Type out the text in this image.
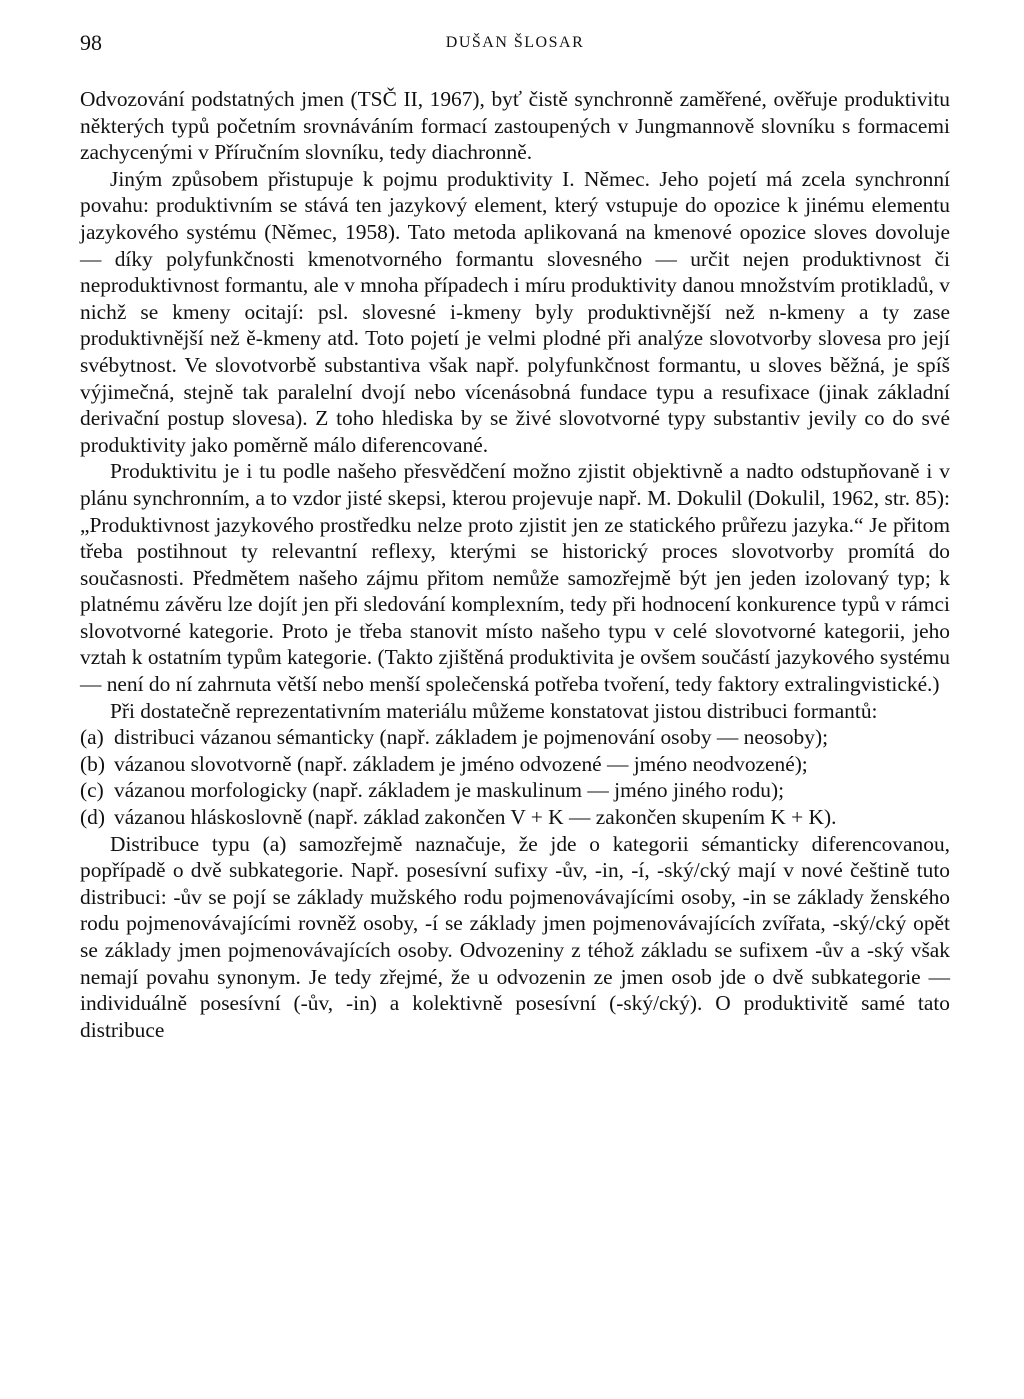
98	DUŠAN ŠLOSAR

Odvozování podstatných jmen (TSČ II, 1967), byť čistě synchronně zaměřené, ověřuje produktivitu některých typů početním srovnáváním formací zastoupených v Jungmannově slovníku s formacemi zachycenými v Příručním slovníku, tedy diachronně.

Jiným způsobem přistupuje k pojmu produktivity I. Němec. Jeho pojetí má zcela synchronní povahu: produktivním se stává ten jazykový element, který vstupuje do opozice k jinému elementu jazykového systému (Němec, 1958). Tato metoda aplikovaná na kmenové opozice sloves dovoluje — díky polyfunkčnosti kmenotvorného formantu slovesného — určit nejen produktivnost či neproduktivnost formantu, ale v mnoha případech i míru produktivity danou množstvím protikladů, v nichž se kmeny ocitají: psl. slovesné i-kmeny byly produktivnější než n-kmeny a ty zase produktivnější než ě-kmeny atd. Toto pojetí je velmi plodné při analýze slovotvorby slovesa pro její svébytnost. Ve slovotvorbě substantiva však např. polyfunkčnost formantu, u sloves běžná, je spíš výjimečná, stejně tak paralelní dvojí nebo vícenásobná fundace typu a resufixace (jinak základní derivační postup slovesa). Z toho hlediska by se živé slovotvorné typy substantiv jevily co do své produktivity jako poměrně málo diferencované.

Produktivitu je i tu podle našeho přesvědčení možno zjistit objektivně a nadto odstupňovaně i v plánu synchronním, a to vzdor jisté skepsi, kterou projevuje např. M. Dokulil (Dokulil, 1962, str. 85): „Produktivnost jazykového prostředku nelze proto zjistit jen ze statického průřezu jazyka.“ Je přitom třeba postihnout ty relevantní reflexy, kterými se historický proces slovotvorby promítá do současnosti. Předmětem našeho zájmu přitom nemůže samozřejmě být jen jeden izolovaný typ; k platnému závěru lze dojít jen při sledování komplexním, tedy při hodnocení konkurence typů v rámci slovotvorné kategorie. Proto je třeba stanovit místo našeho typu v celé slovotvorné kategorii, jeho vztah k ostatním typům kategorie. (Takto zjištěná produktivita je ovšem součástí jazykového systému — není do ní zahrnuta větší nebo menší společenská potřeba tvoření, tedy faktory extralingvistické.)

Při dostatečně reprezentativním materiálu můžeme konstatovat jistou distribuci formantů:

(a) distribuci vázanou sémanticky (např. základem je pojmenování osoby — neosoby);
(b) vázanou slovotvorně (např. základem je jméno odvozené — jméno neodvozené);
(c) vázanou morfologicky (např. základem je maskulinum — jméno jiného rodu);
(d) vázanou hláskoslovně (např. základ zakončen V + K — zakončen skupením K + K).

Distribuce typu (a) samozřejmě naznačuje, že jde o kategorii sémanticky diferencovanou, popřípadě o dvě subkategorie. Např. posesívní sufixy -ův, -in, -í, -ský/cký mají v nové češtině tuto distribuci: -ův se pojí se základy mužského rodu pojmenovávajícími osoby, -in se základy ženského rodu pojmenovávajícími rovněž osoby, -í se základy jmen pojmenovávajících zvířata, -ský/cký opět se základy jmen pojmenovávajících osoby. Odvozeniny z téhož základu se sufixem -ův a -ský však nemají povahu synonym. Je tedy zřejmé, že u odvozenin ze jmen osob jde o dvě subkategorie — individuálně posesívní (-ův, -in) a kolektivně posesívní (-ský/cký). O produktivitě samé tato distribuce
